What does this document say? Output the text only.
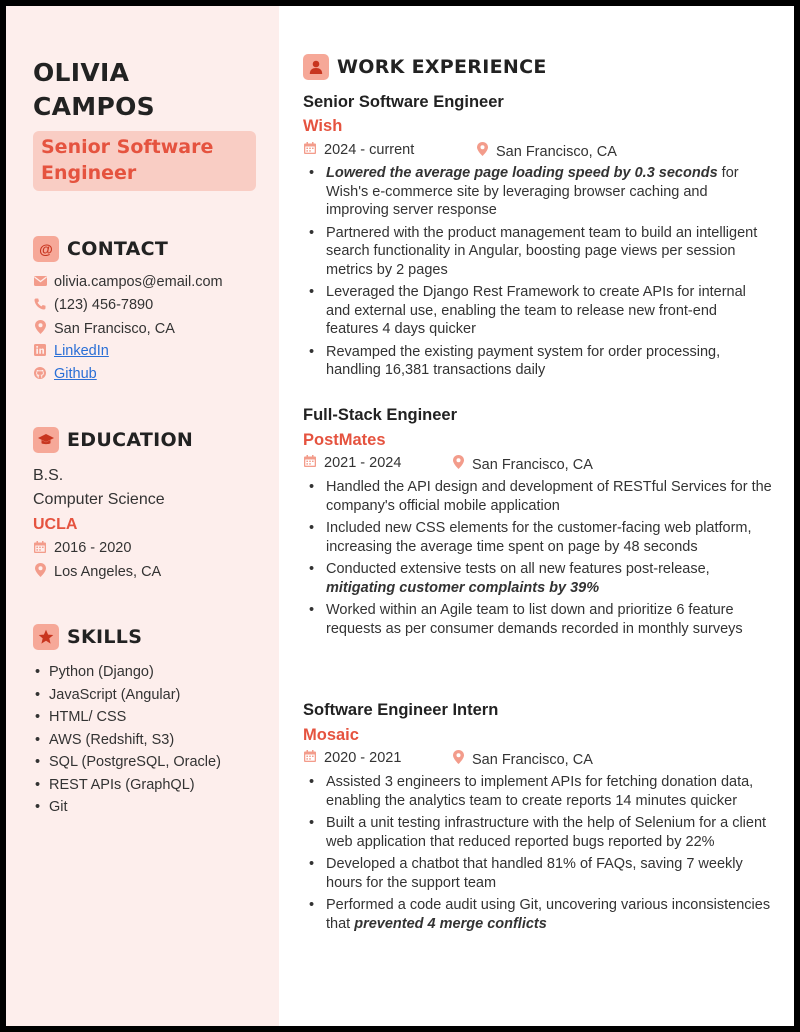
OLIVIA
CAMPOS
Senior Software
Engineer
@ CONTACT
olivia.campos@email.com
(123) 456-7890
San Francisco, CA
LinkedIn
Github
EDUCATION
B.S.
Computer Science
UCLA
2016 - 2020
Los Angeles, CA
SKILLS
• Python (Django)
• JavaScript (Angular)
• HTML/ CSS
• AWS (Redshift, S3)
• SQL (PostgreSQL, Oracle)
• REST APIs (GraphQL)
• Git
WORK EXPERIENCE
Senior Software Engineer
Wish
2024 - current	San Francisco, CA
• Lowered the average page loading speed by 0.3 seconds for Wish's e-commerce site by leveraging browser caching and improving server response
• Partnered with the product management team to build an intelligent search functionality in Angular, boosting page views per session metrics by 2 pages
• Leveraged the Django Rest Framework to create APIs for internal and external use, enabling the team to release new front-end features 4 days quicker
• Revamped the existing payment system for order processing, handling 16,381 transactions daily
Full-Stack Engineer
PostMates
2021 - 2024	San Francisco, CA
• Handled the API design and development of RESTful Services for the company's official mobile application
• Included new CSS elements for the customer-facing web platform, increasing the average time spent on page by 48 seconds
• Conducted extensive tests on all new features post-release, mitigating customer complaints by 39%
• Worked within an Agile team to list down and prioritize 6 feature requests as per consumer demands recorded in monthly surveys
Software Engineer Intern
Mosaic
2020 - 2021	San Francisco, CA
• Assisted 3 engineers to implement APIs for fetching donation data, enabling the analytics team to create reports 14 minutes quicker
• Built a unit testing infrastructure with the help of Selenium for a client web application that reduced reported bugs reported by 22%
• Developed a chatbot that handled 81% of FAQs, saving 7 weekly hours for the support team
• Performed a code audit using Git, uncovering various inconsistencies that prevented 4 merge conflicts
